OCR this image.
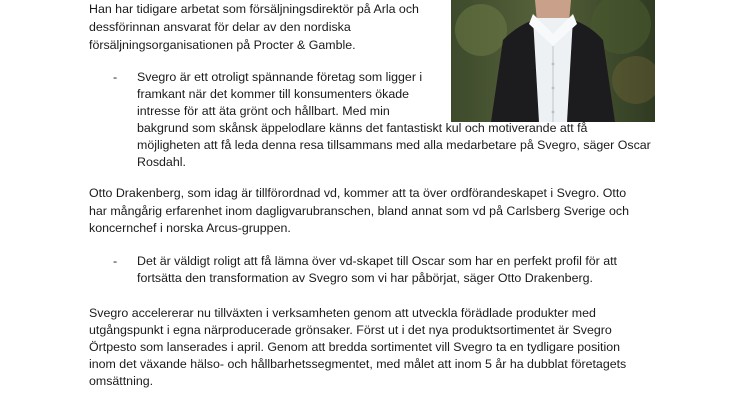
Han har tidigare arbetat som försäljningsdirektör på Arla och
dessförinnan ansvarat för delar av den nordiska
försäljningsorganisationen på Procter & Gamble.
- Svegro är ett otroligt spännande företag som ligger i
framkant när det kommer till konsumenters ökade
intresse för att äta grönt och hållbart. Med min
bakgrund som skånsk äppelodlare känns det fantastiskt kul och motiverande att få
möjligheten att få leda denna resa tillsammans med alla medarbetare på Svegro, säger Oscar
Rosdahl.
Otto Drakenberg, som idag är tillförordnad vd, kommer att ta över ordförandeskapet i Svegro. Otto
har mångårig erfarenhet inom dagligvarubranschen, bland annat som vd på Carlsberg Sverige och
koncernchef i norska Arcus-gruppen.
- Det är väldigt roligt att få lämna över vd-skapet till Oscar som har en perfekt profil för att
fortsätta den transformation av Svegro som vi har påbörjat, säger Otto Drakenberg.
Svegro accelererar nu tillväxten i verksamheten genom att utveckla förädlade produkter med
utgångspunkt i egna närproducerade grönsaker. Först ut i det nya produktsortimentet är Svegro
Örtpesto som lanserades i april. Genom att bredda sortimentet vill Svegro ta en tydligare position
inom det växande hälso- och hållbarhetssegmentet, med målet att inom 5 år ha dubblat företagets
omsättning.
